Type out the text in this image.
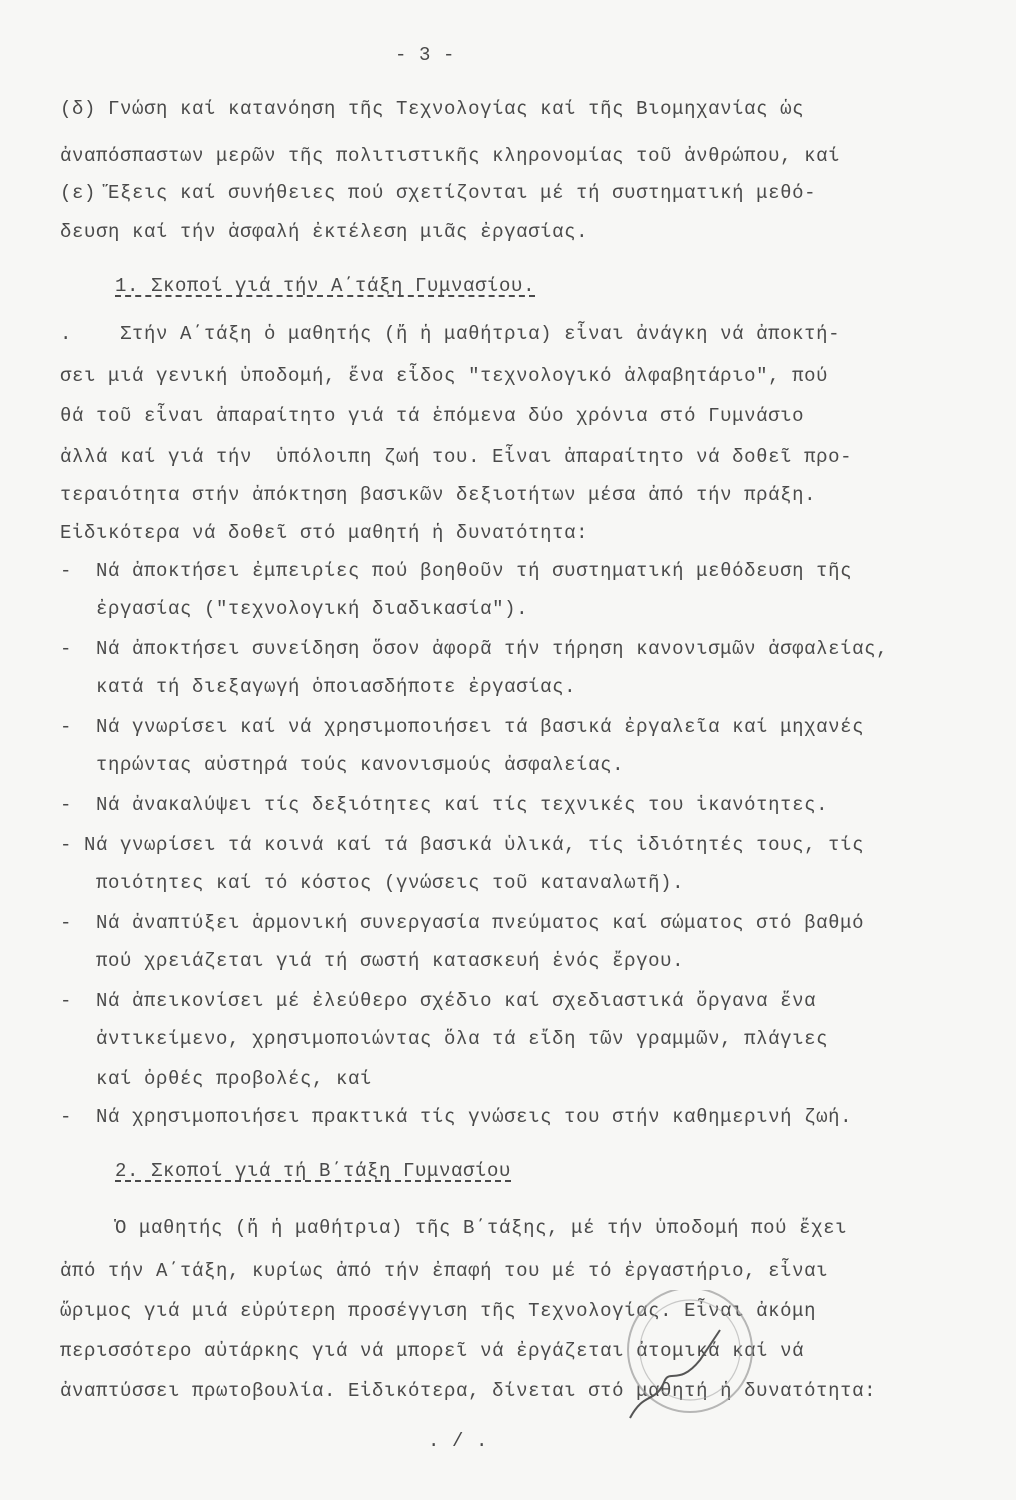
- 3 -
(δ) Γνώση καί κατανόηση τῆς Τεχνολογίας καί τῆς Βιομηχανίας ὡς
ἀναπόσπαστων μερῶν τῆς πολιτιστικῆς κληρονομίας τοῦ ἀνθρώπου, καί
(ε) Ἕξεις καί συνήθειες πού σχετίζονται μέ τή συστηματική μεθό-
δευση καί τήν ἀσφαλή ἐκτέλεση μιᾶς ἐργασίας.
1. Σκοποί γιά τήν Α΄τάξη Γυμνασίου.
.    Στήν Α΄τάξη ὁ μαθητής (ἤ ἡ μαθήτρια) εἶναι ἀνάγκη νά ἀποκτή-
σει μιά γενική ὑποδομή, ἕνα εἶδος "τεχνολογικό ἀλφαβητάριο", πού
θά τοῦ εἶναι ἀπαραίτητο γιά τά ἑπόμενα δύο χρόνια στό Γυμνάσιο
ἀλλά καί γιά τήν  ὑπόλοιπη ζωή του. Εἶναι ἀπαραίτητο νά δοθεῖ προ-
τεραιότητα στήν ἀπόκτηση βασικῶν δεξιοτήτων μέσα ἀπό τήν πράξη.
Εἰδικότερα νά δοθεῖ στό μαθητή ἡ δυνατότητα:
-  Νά ἀποκτήσει ἐμπειρίες πού βοηθοῦν τή συστηματική μεθόδευση τῆς
ἐργασίας ("τεχνολογική διαδικασία").
-  Νά ἀποκτήσει συνείδηση ὅσον ἀφορᾶ τήν τήρηση κανονισμῶν ἀσφαλείας,
κατά τή διεξαγωγή ὁποιασδήποτε ἐργασίας.
-  Νά γνωρίσει καί νά χρησιμοποιήσει τά βασικά ἐργαλεῖα καί μηχανές
τηρώντας αὐστηρά τούς κανονισμούς ἀσφαλείας.
-  Νά ἀνακαλύψει τίς δεξιότητες καί τίς τεχνικές του ἱκανότητες.
- Νά γνωρίσει τά κοινά καί τά βασικά ὑλικά, τίς ἰδιότητές τους, τίς
ποιότητες καί τό κόστος (γνώσεις τοῦ καταναλωτῆ).
-  Νά ἀναπτύξει ἁρμονική συνεργασία πνεύματος καί σώματος στό βαθμό
πού χρειάζεται γιά τή σωστή κατασκευή ἑνός ἔργου.
-  Νά ἀπεικονίσει μέ ἐλεύθερο σχέδιο καί σχεδιαστικά ὄργανα ἕνα
ἀντικείμενο, χρησιμοποιώντας ὅλα τά εἴδη τῶν γραμμῶν, πλάγιες
καί ὀρθές προβολές, καί
-  Νά χρησιμοποιήσει πρακτικά τίς γνώσεις του στήν καθημερινή ζωή.
2. Σκοποί γιά τή Β΄τάξη Γυμνασίου
Ὁ μαθητής (ἤ ἡ μαθήτρια) τῆς Β΄τάξης, μέ τήν ὑποδομή πού ἔχει
ἀπό τήν Α΄τάξη, κυρίως ἀπό τήν ἐπαφή του μέ τό ἐργαστήριο, εἶναι
ὥριμος γιά μιά εὐρύτερη προσέγγιση τῆς Τεχνολογίας. Εἶναι ἀκόμη
περισσότερο αὐτάρκης γιά νά μπορεῖ νά ἐργάζεται ἀτομικά καί νά
ἀναπτύσσει πρωτοβουλία. Εἰδικότερα, δίνεται στό μαθητή ἡ δυνατότητα:
. / .
